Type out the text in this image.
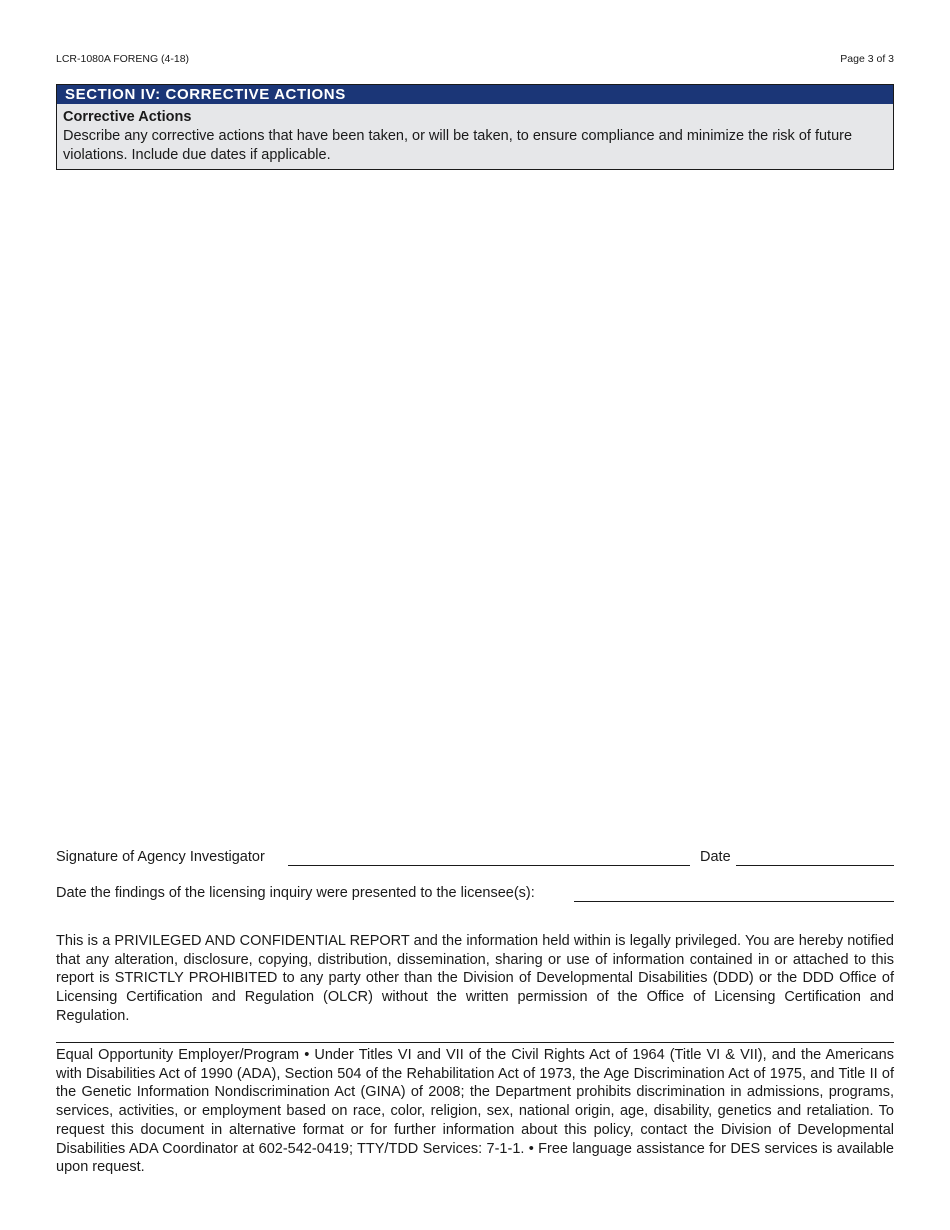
LCR-1080A FORENG (4-18)	Page 3 of 3
SECTION IV: CORRECTIVE ACTIONS
Corrective Actions
Describe any corrective actions that have been taken, or will be taken, to ensure compliance and minimize the risk of future violations. Include due dates if applicable.
Signature of Agency Investigator	Date
Date the findings of the licensing inquiry were presented to the licensee(s):

This is a PRIVILEGED AND CONFIDENTIAL REPORT and the information held within is legally privileged. You are hereby notified that any alteration, disclosure, copying, distribution, dissemination, sharing or use of information contained in or attached to this report is STRICTLY PROHIBITED to any party other than the Division of Developmental Disabilities (DDD) or the DDD Office of Licensing Certification and Regulation (OLCR) without the written permission of the Office of Licensing Certification and Regulation.

Equal Opportunity Employer/Program • Under Titles VI and VII of the Civil Rights Act of 1964 (Title VI & VII), and the Americans with Disabilities Act of 1990 (ADA), Section 504 of the Rehabilitation Act of 1973, the Age Discrimination Act of 1975, and Title II of the Genetic Information Nondiscrimination Act (GINA) of 2008; the Department prohibits discrimination in admissions, programs, services, activities, or employment based on race, color, religion, sex, national origin, age, disability, genetics and retaliation. To request this document in alternative format or for further information about this policy, contact the Division of Developmental Disabilities ADA Coordinator at 602-542-0419; TTY/TDD Services: 7-1-1. • Free language assistance for DES services is available upon request.
